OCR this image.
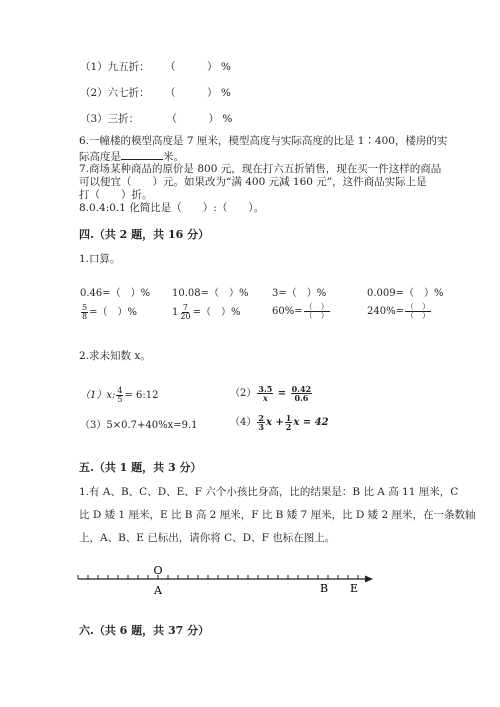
（1）九五折： （　　　） %
（2）六七折： （　　　） %
（3）三折：	（　　　） %
6.一幢楼的模型高度是 7 厘米，模型高度与实际高度的比是 1∶400，楼房的实
际高度是	米。
7.商场某种商品的原价是 800 元，现在打六五折销售，现在买一件这样的商品
可以便宜（　　）元。如果改为“满 400 元减 160 元”，这件商品实际上是
打（　　）折。
8.0.4:0.1 化简比是（　　）:（　　）。
四.（共 2 题，共 16 分）
1.口算。
0.46=（　）% 10.08=（　）% 3=（　）%	0.009=（　）%
$\frac{5}{8}$ =（　）%	$1 \frac{7}{20}$ =（　）%	$60\%= \frac{( )}{( )}$	$240\%= \frac{( )}{( )}$
2.求未知数 x。
（1）x: $\frac{4}{5}$ = 6:12	$(2) \frac{3.5}{x} = \frac{0.42}{0.6}$
（3）5×0.7+40%x=9.1	$(4) \frac{2}{3}$ $x + \frac{1}{2}$ x = 42
五.（共 1 题，共 3 分）
1.有 A、B、C、D、E、F 六个小孩比身高，比的结果是：B 比 A 高 11 厘米，C
比 D 矮 1 厘米，E 比 B 高 2 厘米，F 比 B 矮 7 厘米，比 D 矮 2 厘米，在一条数轴
上，A、B、E 已标出，请你将 C、D、F 也标在图上。
O
A	B E
六.（共 6 题，共 37 分）
